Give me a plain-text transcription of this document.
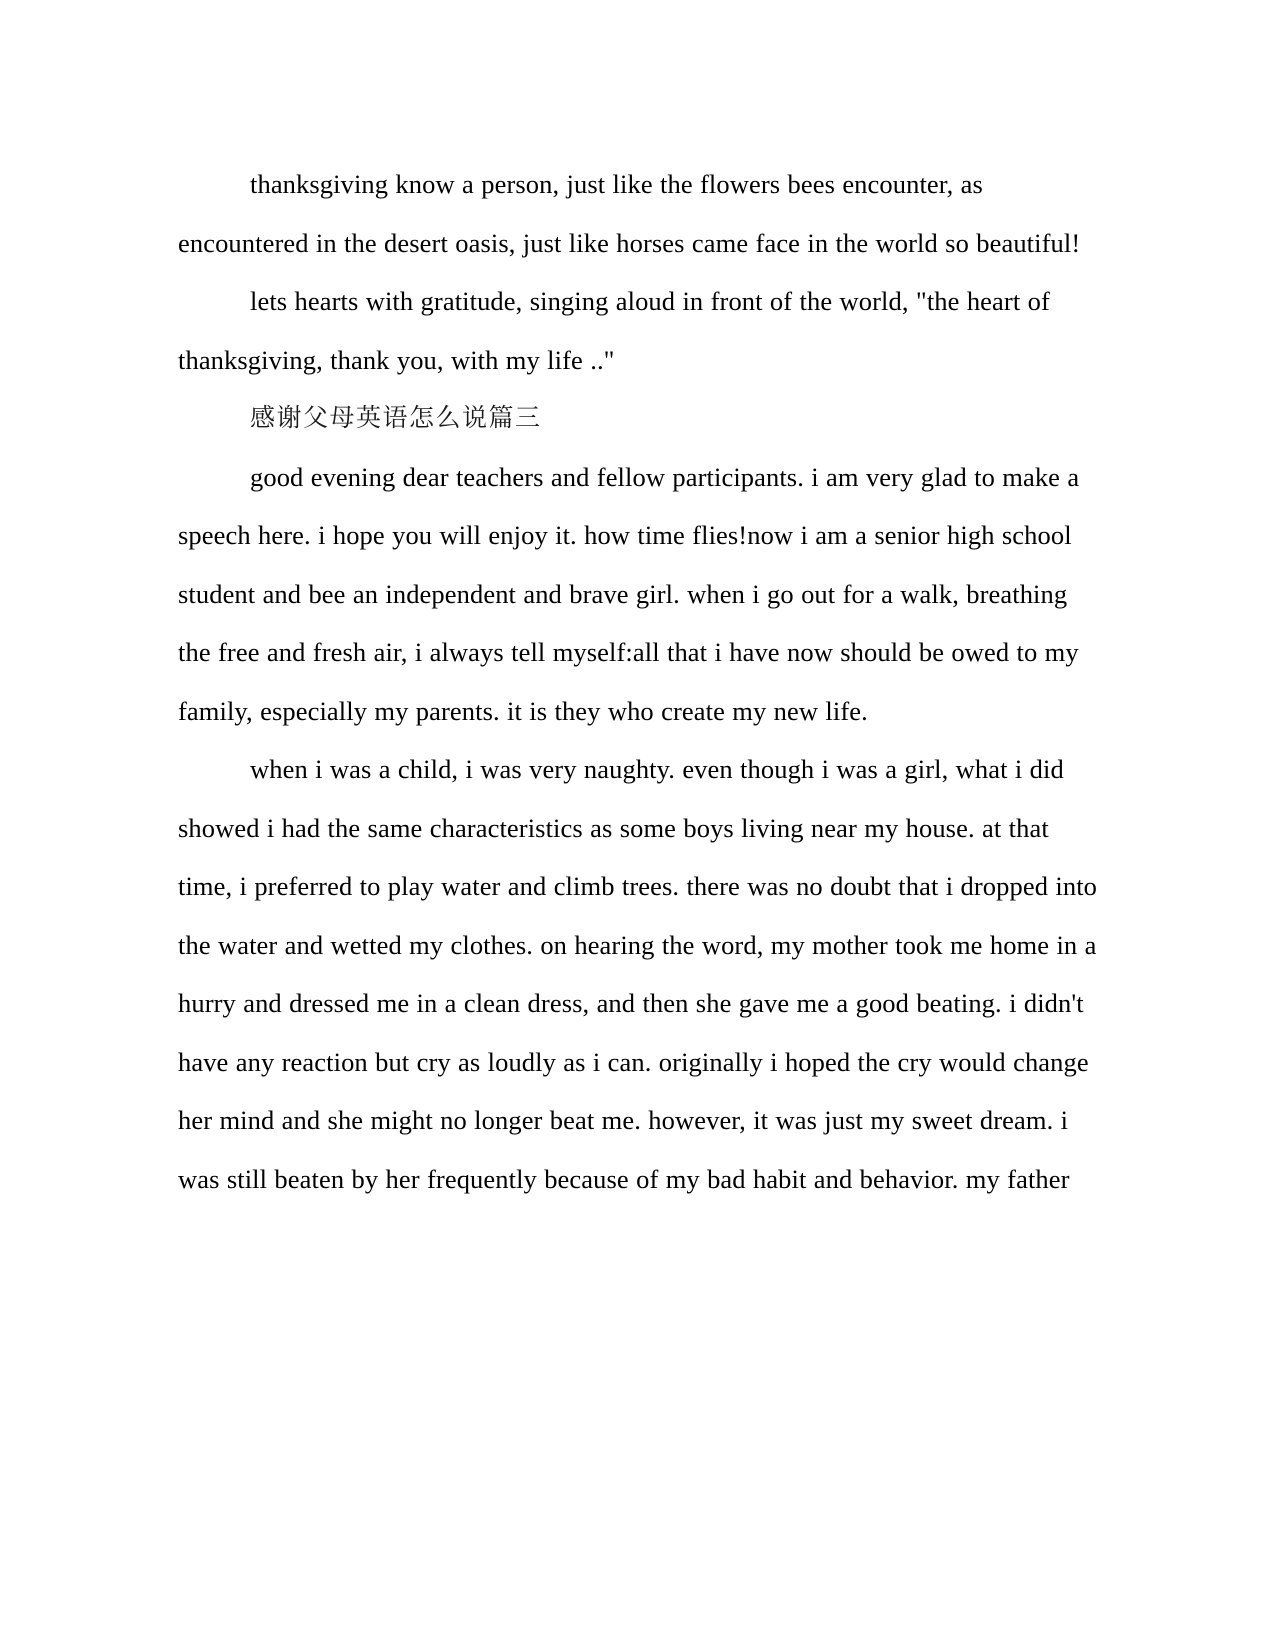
thanksgiving know a person, just like the flowers bees encounter, as encountered in the desert oasis, just like horses came face in the world so beautiful!

lets hearts with gratitude, singing aloud in front of the world, "the heart of thanksgiving, thank you, with my life .."

感谢父母英语怎么说篇三

good evening dear teachers and fellow participants. i am very glad to make a speech here. i hope you will enjoy it. how time flies!now i am a senior high school student and bee an independent and brave girl. when i go out for a walk, breathing the free and fresh air, i always tell myself:all that i have now should be owed to my family, especially my parents. it is they who create my new life.

when i was a child, i was very naughty. even though i was a girl, what i did showed i had the same characteristics as some boys living near my house. at that time, i preferred to play water and climb trees. there was no doubt that i dropped into the water and wetted my clothes. on hearing the word, my mother took me home in a hurry and dressed me in a clean dress, and then she gave me a good beating. i didn't have any reaction but cry as loudly as i can. originally i hoped the cry would change her mind and she might no longer beat me. however, it was just my sweet dream. i was still beaten by her frequently because of my bad habit and behavior. my father
